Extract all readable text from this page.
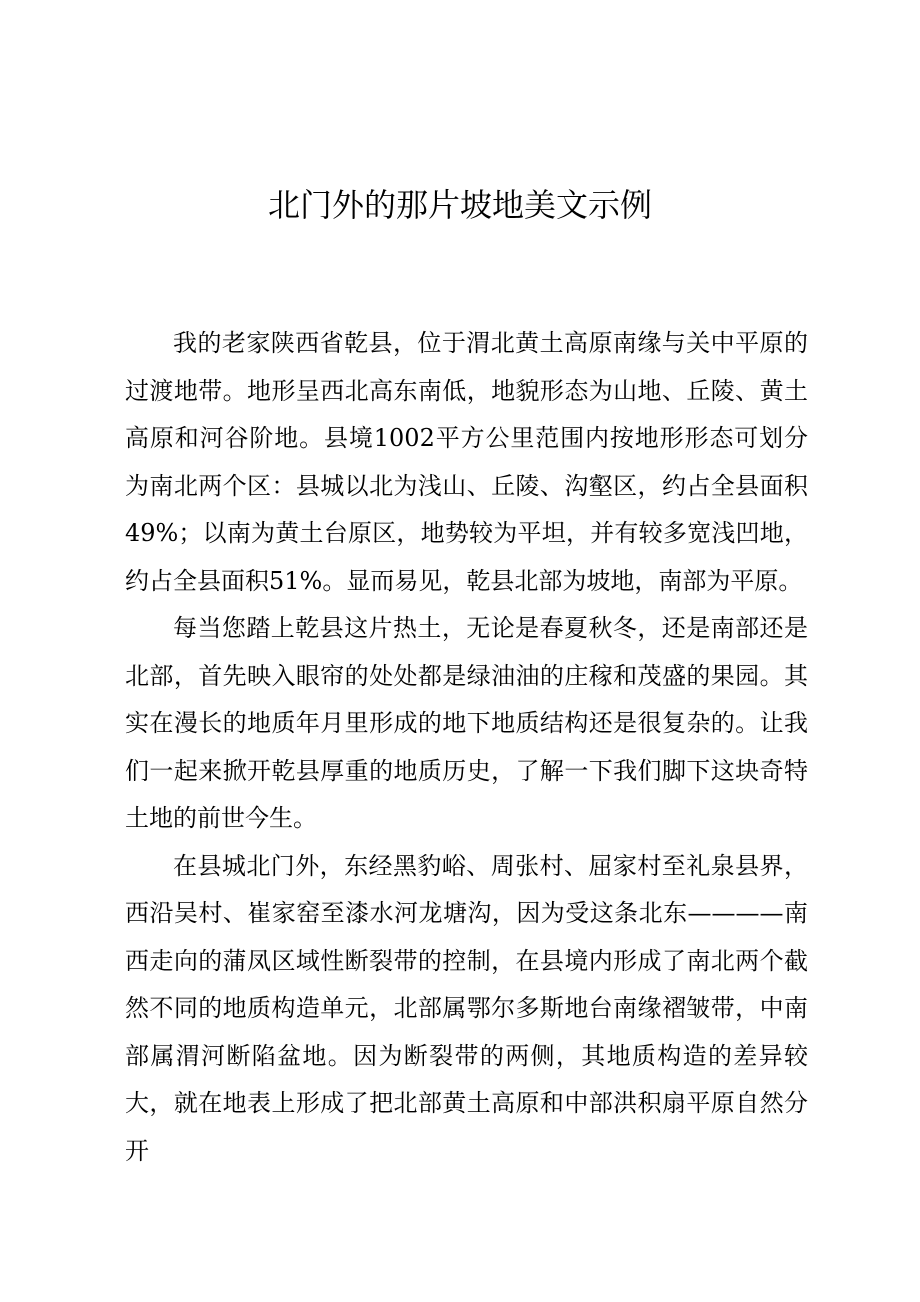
北门外的那片坡地美文示例

我的老家陕西省乾县，位于渭北黄土高原南缘与关中平原的过渡地带。地形呈西北高东南低，地貌形态为山地、丘陵、黄土高原和河谷阶地。县境1002平方公里范围内按地形形态可划分为南北两个区：县城以北为浅山、丘陵、沟壑区，约占全县面积49%；以南为黄土台原区，地势较为平坦，并有较多宽浅凹地，约占全县面积51%。显而易见，乾县北部为坡地，南部为平原。

每当您踏上乾县这片热土，无论是春夏秋冬，还是南部还是北部，首先映入眼帘的处处都是绿油油的庄稼和茂盛的果园。其实在漫长的地质年月里形成的地下地质结构还是很复杂的。让我们一起来掀开乾县厚重的地质历史，了解一下我们脚下这块奇特土地的前世今生。

在县城北门外，东经黑豹峪、周张村、屈家村至礼泉县界，西沿吴村、崔家窑至漆水河龙塘沟，因为受这条北东————南西走向的蒲凤区域性断裂带的控制，在县境内形成了南北两个截然不同的地质构造单元，北部属鄂尔多斯地台南缘褶皱带，中南部属渭河断陷盆地。因为断裂带的两侧，其地质构造的差异较大，就在地表上形成了把北部黄土高原和中部洪积扇平原自然分开
